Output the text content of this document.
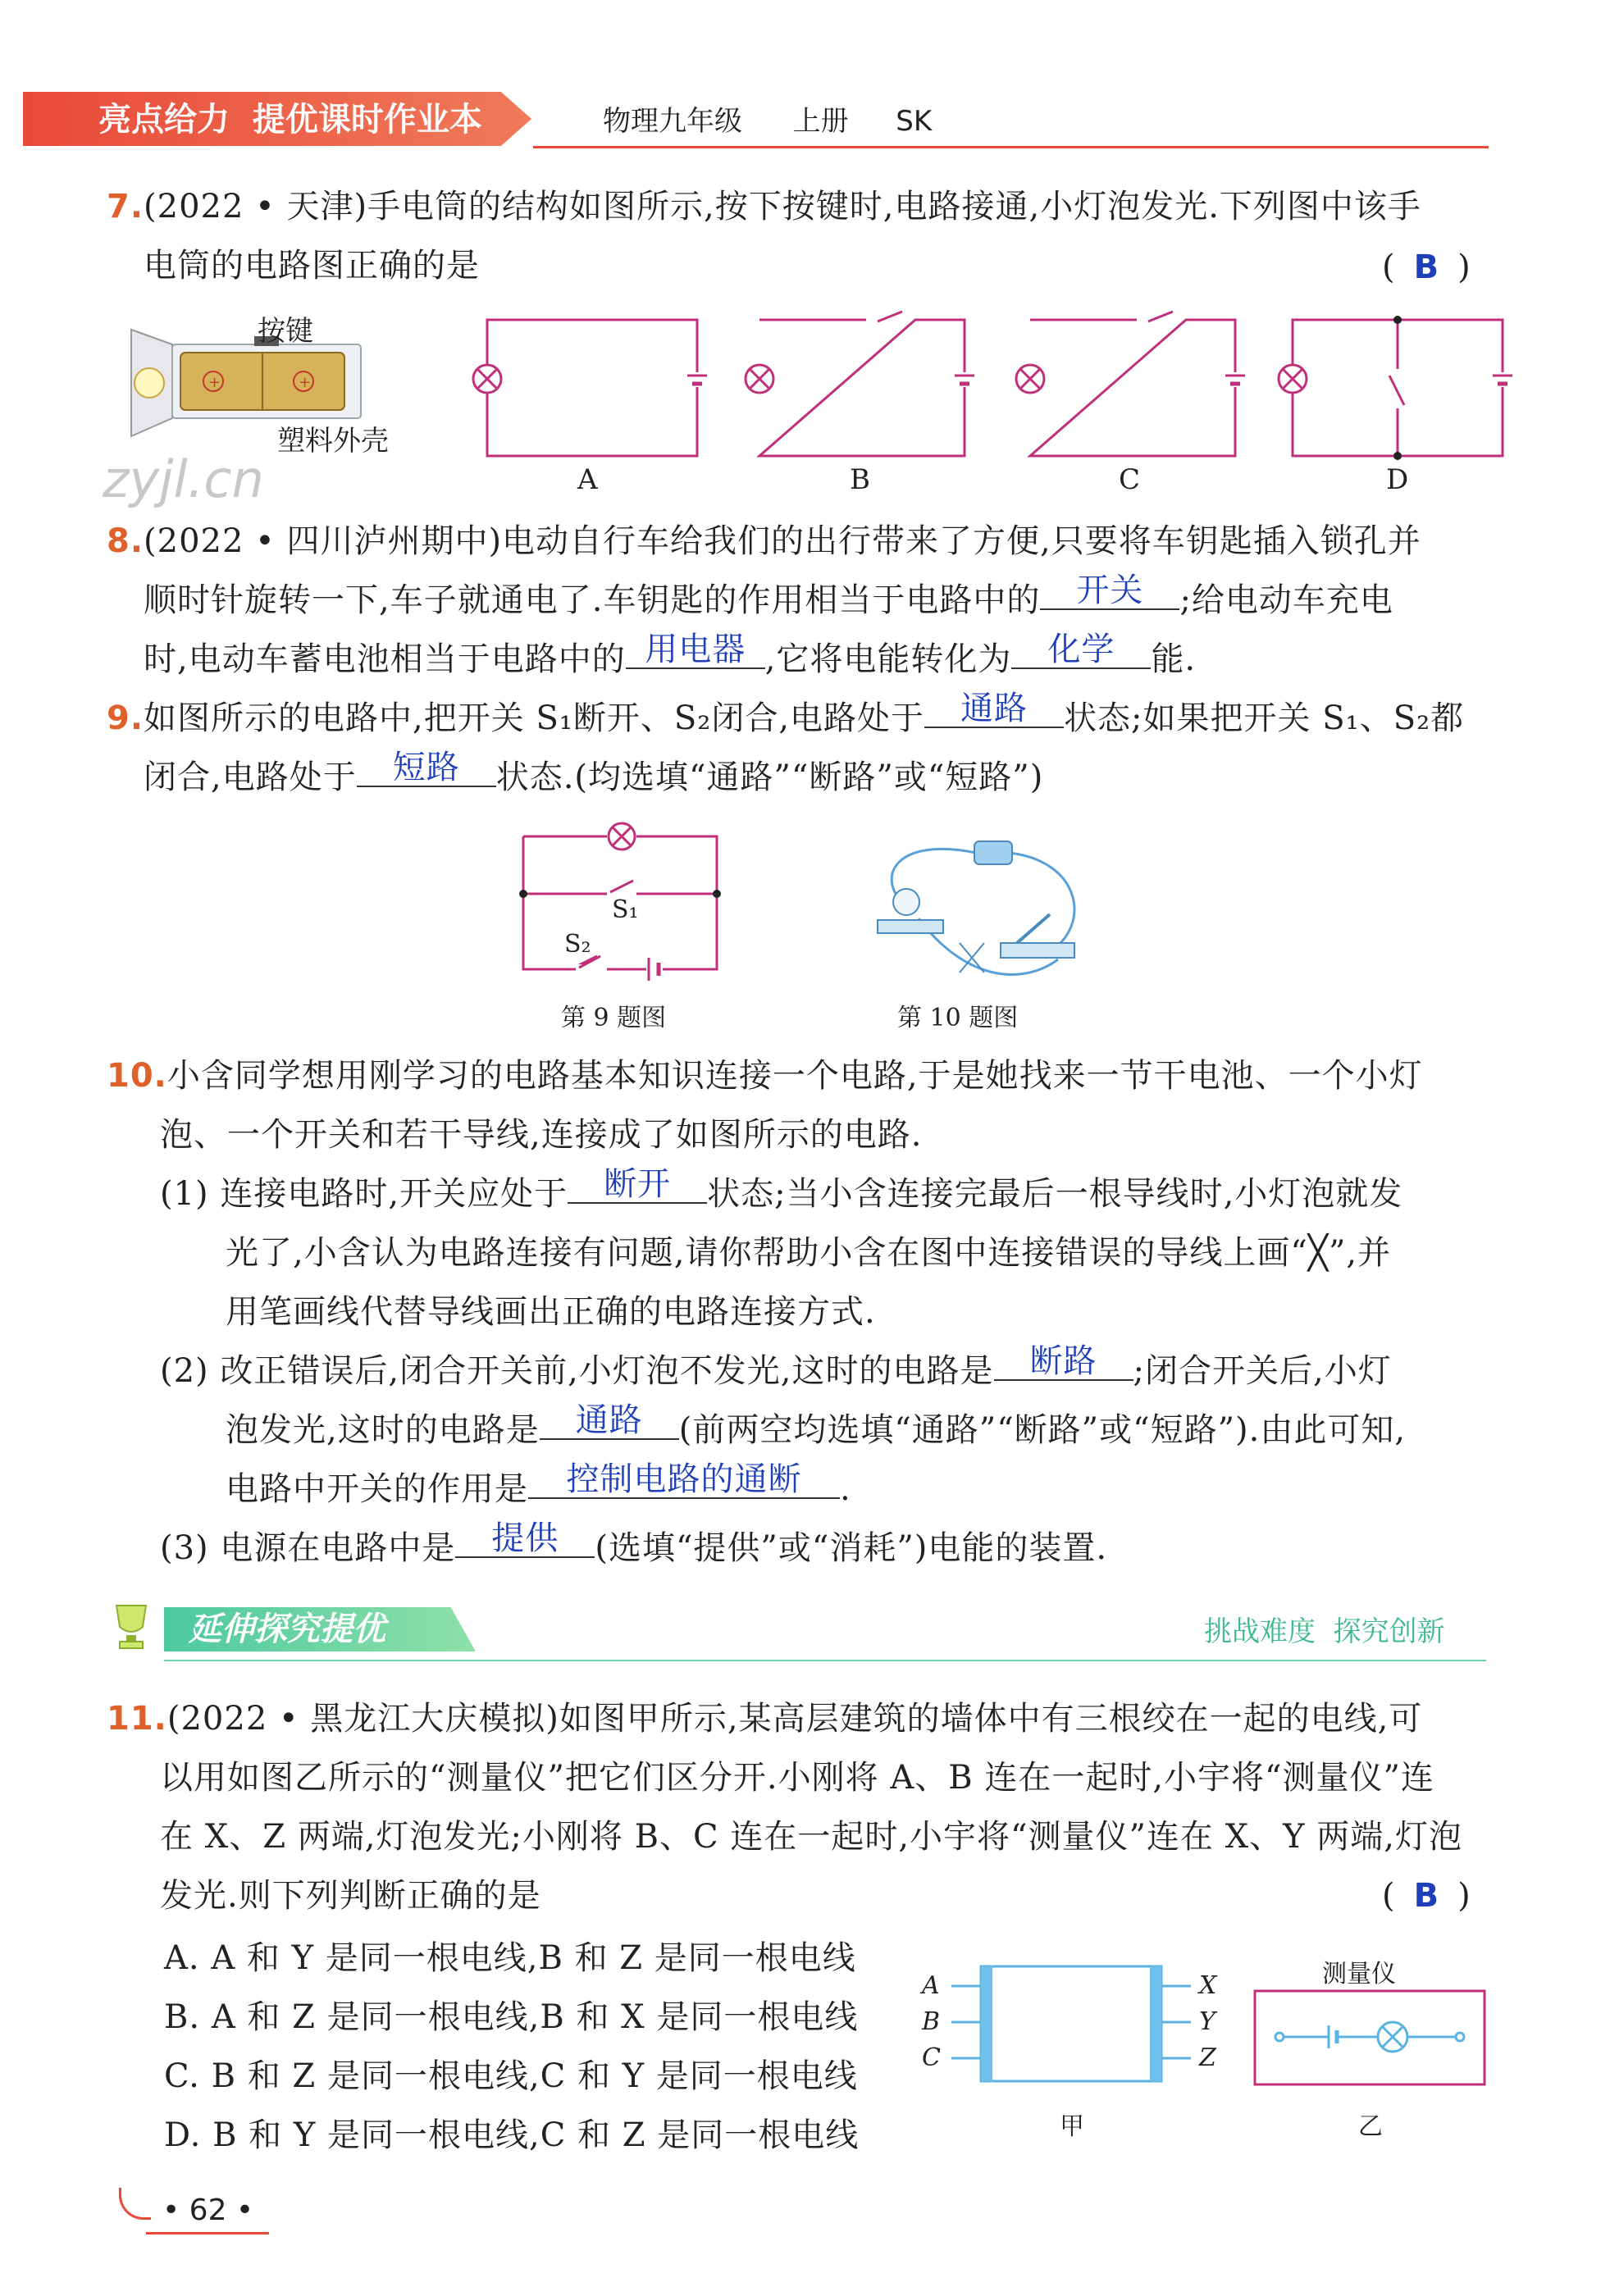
亮点给力  提优课时作业本	物理九年级 上册 SK
7.(2022 • 天津)手电筒的结构如图所示,按下按键时,电路接通,小灯泡发光.下列图中该手
电筒的电路图正确的是	( B )
+	+
按键
塑料外壳
zyjl.cn	A	B	C	D
8.(2022 • 四川泸州期中)电动自行车给我们的出行带来了方便,只要将车钥匙插入锁孔并
顺时针旋转一下,车子就通电了.车钥匙的作用相当于电路中的 开关 ;给电动车充电
时,电动车蓄电池相当于电路中的 用电器 ,它将电能转化为 化学 能.
9.如图所示的电路中,把开关 S₁断开、S₂闭合,电路处于 通路 状态;如果把开关 S₁、S₂都
闭合,电路处于 短路 状态.(均选填“通路”“断路”或“短路”)
S₁
S₂
第 9 题图	第 10 题图
10.小含同学想用刚学习的电路基本知识连接一个电路,于是她找来一节干电池、一个小灯
泡、一个开关和若干导线,连接成了如图所示的电路.
(1) 连接电路时,开关应处于 断开 状态;当小含连接完最后一根导线时,小灯泡就发
光了,小含认为电路连接有问题,请你帮助小含在图中连接错误的导线上画“╳”,并
用笔画线代替导线画出正确的电路连接方式.
(2) 改正错误后,闭合开关前,小灯泡不发光,这时的电路是 断路 ;闭合开关后,小灯
泡发光,这时的电路是 通路 (前两空均选填“通路”“断路”或“短路”).由此可知,
电路中开关的作用是 控制电路的通断 .
(3) 电源在电路中是 提供 (选填“提供”或“消耗”)电能的装置.
延伸探究提优	挑战难度  探究创新
11.(2022 • 黑龙江大庆模拟)如图甲所示,某高层建筑的墙体中有三根绞在一起的电线,可
以用如图乙所示的“测量仪”把它们区分开.小刚将 A、B 连在一起时,小宇将“测量仪”连
在 X、Z 两端,灯泡发光;小刚将 B、C 连在一起时,小宇将“测量仪”连在 X、Y 两端,灯泡
发光.则下列判断正确的是	( B )
A. A 和 Y 是同一根电线,B 和 Z 是同一根电线
B. A 和 Z 是同一根电线,B 和 X 是同一根电线
C. B 和 Z 是同一根电线,C 和 Y 是同一根电线
D. B 和 Y 是同一根电线,C 和 Z 是同一根电线
A
B
C
X
Y
Z
甲
测量仪
乙
• 62 •
